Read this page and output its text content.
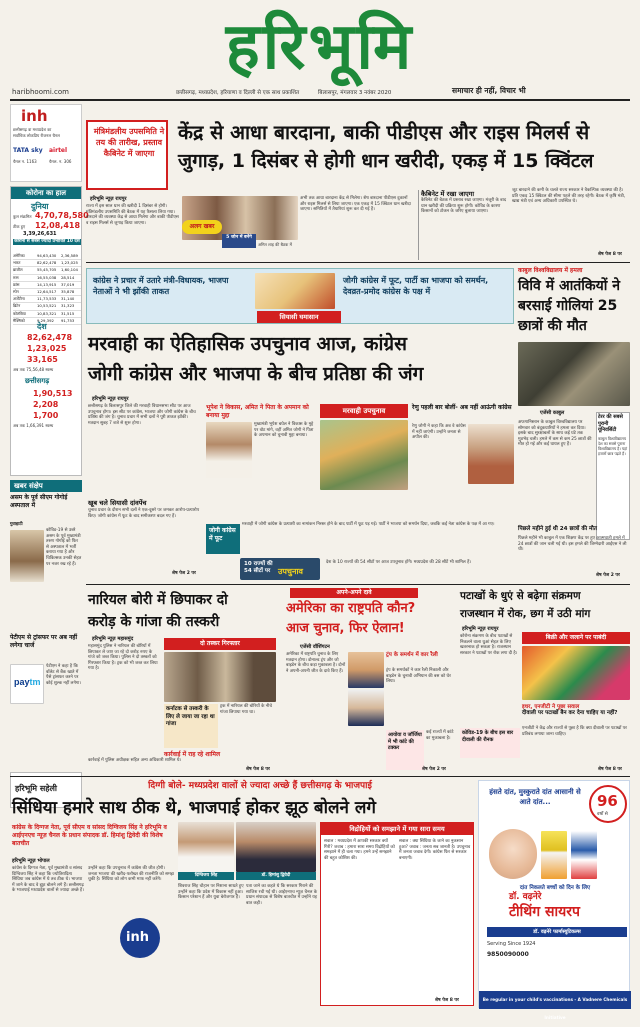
हरिभूमि
haribhoomi.com	छत्तीसगढ़, मध्यप्रदेश, हरियाणा व दिल्ली से एक साथ प्रकाशित	बिलासपुर, मंगलवार 3 नवंबर 2020	समाचार ही नहीं, विचार भी
inh
छत्तीसगढ़ वा मध्यप्रदेश का
सर्वाधिक लोकप्रिय रीजनल चैनल
TATA sky airtel
चैनल न. 1163	चैनल. न. 306
कोरोना का हाल
दुनिया
कुल संक्रमित 4,70,78,580
ठीक हुए 12,08,418
3,39,26,631
कोरोना से सबसे ज्यादा प्रभावित 10 देश
अमेरिका	94,63,430	2,36,589
भारत	82,62,478	1,23,025
ब्राजील	55,45,705	1,60,104
रूस	16,55,038	28,514
फ्रांस	14,13,915	37,019
स्पेन	12,64,517	35,878
अर्जेंटीना	11,73,533	31,140
ब्रिटेन	10,53,521	31,323
कोलंबिया	10,83,321	31,515
मैक्सिको	9,29,392	91,753
देश
82,62,478
1,23,025
33,165
अब तक 75,56,48 स्वस्थ
छत्तीसगढ़
1,90,513
2,208
1,700
अब तक 1,66,391 स्वस्थ
खबर संक्षेप
असम के पूर्व सीएम गोगोई अस्पताल में
गुवाहाटी
कोविड-19 से उबरे असम के पूर्व मुख्यमंत्री तरुण गोगोई को फिर से अस्पताल में भर्ती कराया गया है और चिकित्सक उनकी सेहत पर नजर रख रहे हैं।
पेटीएम से ट्रांसफर पर अब नहीं लगेगा चार्ज
paytm
पेटीएम ने कहा है कि वॉलेट से बैंक खाते में पैसे ट्रांसफर करने पर कोई शुल्क नहीं लगेगा।
हरिभूमि सहेली
मंत्रिमंडलीय उपसमिति ने तय की तारीख, प्रस्ताव कैबिनेट में जाएगा
केंद्र से आधा बारदाना, बाकी पीडीएस और राइस मिलर्स से
जुगाड़, 1 दिसंबर से होगी धान खरीदी, एकड़ में 15 क्विंटल
हरिभूमि न्यूज़ रायपुर
राज्य में इस साल धान की खरीदी 1 दिसंबर से होगी। मंत्रिमंडलीय उपसमिति की बैठक में यह फैसला लिया गया। बारदाने की व्यवस्था केंद्र से आधा मिलेगा और बाकी पीडीएस व राइस मिलर्स से जुगाड़ किया जाएगा।	अलग खबर
5 जोन में बनेंगे
अमित शाह की बैठक में
अभी तक आधा बारदाना केंद्र से मिलेगा। शेष बारदाना पीडीएस दुकानों और राइस मिलर्स से लिया जाएगा। एक एकड़ में 15 क्विंटल धान खरीदा जाएगा। समितियों में तैयारियां शुरू कर दी गई हैं।
कैबिनेट में रखा जाएगा
कैबिनेट की बैठक में प्रस्ताव रखा जाएगा। मंजूरी के बाद धान खरीदी की प्रक्रिया शुरू होगी। कोविड के कारण किसानों को टोकन के जरिए बुलाया जाएगा।
जूट बारदाने की कमी के चलते राज्य सरकार ने वैकल्पिक व्यवस्था की है। प्रति एकड़ 15 क्विंटल की सीमा पहले की तरह रहेगी। बैठक में कृषि मंत्री, खाद्य मंत्री एवं अन्य अधिकारी उपस्थित थे।
शेष पेज 8 पर
काबुल विश्वविद्यालय में हमला
विवि में आतंकियों ने बरसाई गोलियां 25 छात्रों की मौत
एजेंसी काबुल
अफगानिस्तान के काबुल विश्वविद्यालय पर सोमवार को बंदूकधारियों ने हमला कर दिया। इसके बाद सुरक्षाबलों के साथ कई घंटे तक मुठभेड़ चली। हमले में कम से कम 25 छात्रों की मौत हो गई और कई घायल हुए हैं।
टेरर की सबसे पुरानी यूनिवर्सिटी
काबुल विश्वविद्यालय देश का सबसे पुराना विश्वविद्यालय है। यहां हजारों छात्र पढ़ते हैं।
पिछले महीने हुई थी 24 छात्रों की मौत
पिछले महीने भी काबुल में एक शिक्षण केंद्र पर हुए आत्मघाती हमले में 24 छात्रों की जान चली गई थी। इस हमले की जिम्मेदारी आईएस ने ली थी।
शेष पेज 2 पर
कांग्रेस ने प्रचार में उतारे मंत्री-विधायक, भाजपा नेताओं ने भी झोंकी ताकत
सियासी घमासान
जोगी कांग्रेस में फूट, पार्टी का भाजपा को समर्थन, देवव्रत-प्रमोद कांग्रेस के पक्ष में
मरवाही का ऐतिहासिक उपचुनाव आज, कांग्रेस
जोगी कांग्रेस और भाजपा के बीच प्रतिष्ठा की जंग
हरिभूमि न्यूज़ रायपुर
छत्तीसगढ़ के बिलासपुर जिले की मरवाही विधानसभा सीट पर आज उपचुनाव होगा। इस सीट पर कांग्रेस, भाजपा और जोगी कांग्रेस के बीच प्रतिष्ठा की जंग है। चुनाव प्रचार में सभी दलों ने पूरी ताकत झोंकी। मतदान सुबह 7 बजे से शुरू होगा।
खूब चले सियासी दांवपेंच
चुनाव प्रचार के दौरान सभी दलों ने एक-दूसरे पर जमकर आरोप-प्रत्यारोप किए। जोगी कांग्रेस में फूट के बाद समीकरण बदल गए हैं।
भूपेश ने विकास, अमित ने पिता के अपमान को बनाया मुद्दा
मरवाही उपचुनाव
मुख्यमंत्री भूपेश बघेल ने विकास के मुद्दे पर वोट मांगे, वहीं अमित जोगी ने पिता के अपमान को चुनावी मुद्दा बनाया।
रेणु पहली बार बोलीं- अब नहीं आऊंगी कांग्रेस
रेणु जोगी ने कहा कि अब वे कांग्रेस में नहीं जाएंगी। उन्होंने जनता से अपील की।
जोगी कांग्रेस में फूट
मरवाही में जोगी कांग्रेस के प्रत्याशी का नामांकन निरस्त होने के बाद पार्टी में फूट पड़ गई। पार्टी ने भाजपा को समर्थन दिया, जबकि कई नेता कांग्रेस के पक्ष में आ गए।
10 राज्यों की
54 सीटों पर उपचुनाव
देश के 10 राज्यों की 54 सीटों पर आज उपचुनाव होंगे। मध्यप्रदेश की 28 सीटें भी शामिल हैं।
शेष पेज 2 पर
नारियल बोरी में छिपाकर दो
करोड़ के गांजा की तस्करी
हरिभूमि न्यूज़ महासमुंद
महासमुंद पुलिस ने नारियल की बोरियों में छिपाकर ले जाए जा रहे दो करोड़ रुपए के गांजे को जब्त किया। पुलिस ने दो तस्करों को गिरफ्तार किया है। ट्रक को भी जब्त कर लिया गया है।
दो तस्कर गिरफ्तार
कर्नाटक से तस्करी के लिए ले जाया जा रहा था गांजा
ट्रक में नारियल की बोरियों के नीचे गांजा छिपाया गया था।
कार्रवाई में राह रहे शामिल
कार्रवाई में पुलिस अधीक्षक सहित अन्य अधिकारी शामिल थे।
शेष पेज 8 पर
अपने-अपने दावे
अमेरिका का राष्ट्रपति कौन?
आज चुनाव, फिर ऐलान!
एजेंसी वॉशिंगटन
अमेरिका में राष्ट्रपति चुनाव के लिए मतदान होगा। डोनाल्ड ट्रंप और जो बाइडेन के बीच कड़ा मुकाबला है। दोनों ने अपनी-अपनी जीत के दावे किए हैं।
ट्रंप के समर्थन में कार रैली
ट्रंप के समर्थकों ने कार रैली निकाली और बाइडेन के चुनावी अभियान की बस को घेर लिया।
आयोवा व जॉर्जिया में भी कांटे की टक्कर
कई राज्यों में कांटे का मुकाबला है।
शेष पेज 2 पर
पटाखों के धुएं से बढ़ेगा संक्रमण
राजस्थान में रोक, छग में उठी मांग
हरिभूमि न्यूज़ रायपुर
कोरोना संक्रमण के बीच पटाखों से निकलने वाला धुआं सेहत के लिए खतरनाक हो सकता है। राजस्थान सरकार ने पटाखों पर रोक लगा दी है।
बिक्री और जलाने पर पाबंदी
कोविड-19 के बीच इस बार दीवाली की रौनक
इधर, एनजीटी ने पूछा सवाल
दीवाली पर पटाखों बैन कर देना चाहिए या नहीं?
एनजीटी ने केंद्र और राज्यों से पूछा है कि क्या दीवाली पर पटाखों पर प्रतिबंध लगाया जाना चाहिए।
शेष पेज 8 पर
दिग्गी बोले- मध्यप्रदेश वालों से ज्यादा अच्छे हैं छत्तीसगढ़ के भाजपाई
सिंधिया हमारे साथ ठीक थे, भाजपाई होकर झूठ बोलने लगे
कांग्रेस के दिग्गज नेता, पूर्व सीएम व सांसद दिग्विजय सिंह ने हरिभूमि व आईएनएच न्यूज़ चैनल के प्रधान संपादक डॉ. हिमांशु द्विवेदी की विशेष बातचीत
हरिभूमि न्यूज़ भोपाल
कांग्रेस के दिग्गज नेता, पूर्व मुख्यमंत्री व सांसद दिग्विजय सिंह ने कहा कि ज्योतिरादित्य सिंधिया जब कांग्रेस में थे तब ठीक थे। भाजपा में जाने के बाद वे झूठ बोलने लगे हैं। छत्तीसगढ़ के भाजपाई मध्यप्रदेश वालों से ज्यादा अच्छे हैं।
उन्होंने कहा कि उपचुनाव में कांग्रेस की जीत होगी। जनता भाजपा की खरीद-फरोख्त की राजनीति को समझ चुकी है। सिंधिया को लोग कभी माफ नहीं करेंगे।
दिग्विजय सिंह	डॉ. हिमांशु द्विवेदी
inh
शिवराज सिंह चौहान पर निशाना साधते हुए उन्होंने कहा कि प्रदेश में विकास नहीं हुआ। किसान परेशान हैं और युवा बेरोजगार हैं।
पता जाने का कहते थे कि सरकार गिराने की साजिश रची गई थी। आईएनएच न्यूज़ चैनल के प्रधान संपादक से विशेष बातचीत में उन्होंने यह बात कही।
विद्रोहियों को समझाने में गया सारा समय
सवाल : मध्यप्रदेश में आपकी सरकार क्यों गिरी? जवाब : हमारा सारा समय विद्रोहियों को समझाने में ही चला गया। हमने उन्हें समझाने की बहुत कोशिश की।
सवाल : क्या सिंधिया के जाने का नुकसान हुआ? जवाब : जनता सब जानती है। उपचुनाव में जनता जवाब देगी। कांग्रेस फिर से सरकार बनाएगी।
शेष पेज 8 पर
हंसते दांत, मुस्कुराते दांत आसानी से आते दांत...	96
वर्षों से
दांत निकलते बच्चों को दिन के लिए
डॉ. वढ़नेरे
टीथिंग सायरप
डॉ. वढ़नेरे फार्मास्युटिकल्स
Serving Since 1924
9850090000
Be regular in your child's vaccinations - A Vadnere Chemicals Initiative
